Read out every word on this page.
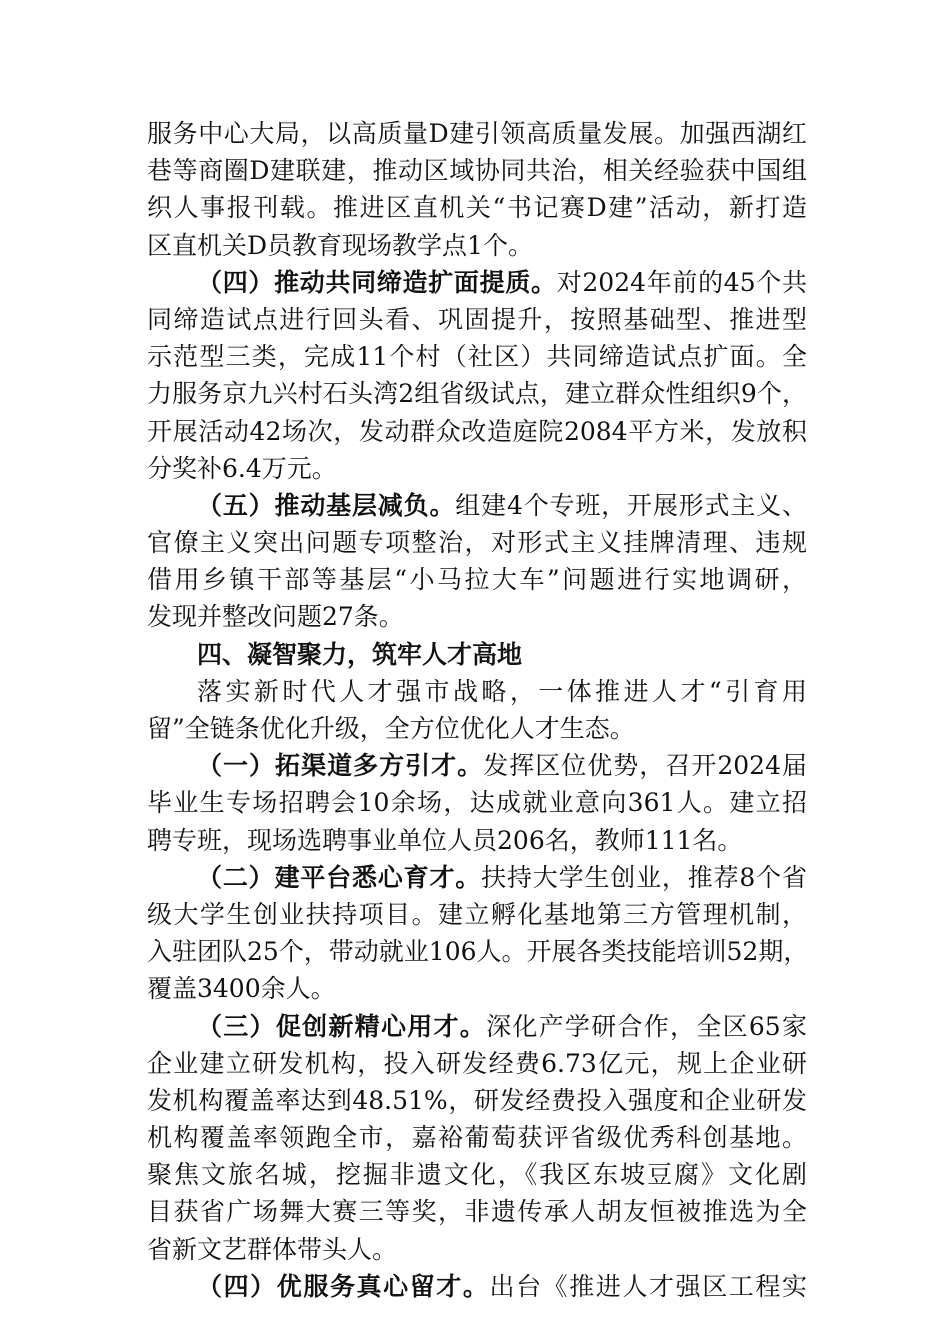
服务中心大局，以高质量D建引领高质量发展。加强西湖红
巷等商圈D建联建，推动区域协同共治，相关经验获中国组
织人事报刊载。推进区直机关“书记赛D建”活动，新打造
区直机关D员教育现场教学点1个。
（四）推动共同缔造扩面提质。对2024年前的45个共
同缔造试点进行回头看、巩固提升，按照基础型、推进型
示范型三类，完成11个村（社区）共同缔造试点扩面。全
力服务京九兴村石头湾2组省级试点，建立群众性组织9个，
开展活动42场次，发动群众改造庭院2084平方米，发放积
分奖补6.4万元。
（五）推动基层减负。组建4个专班，开展形式主义、
官僚主义突出问题专项整治，对形式主义挂牌清理、违规
借用乡镇干部等基层“小马拉大车”问题进行实地调研，
发现并整改问题27条。
四、凝智聚力，筑牢人才高地
落实新时代人才强市战略，一体推进人才“引育用
留”全链条优化升级，全方位优化人才生态。
（一）拓渠道多方引才。发挥区位优势，召开2024届
毕业生专场招聘会10余场，达成就业意向361人。建立招
聘专班，现场选聘事业单位人员206名，教师111名。
（二）建平台悉心育才。扶持大学生创业，推荐8个省
级大学生创业扶持项目。建立孵化基地第三方管理机制，
入驻团队25个，带动就业106人。开展各类技能培训52期，
覆盖3400余人。
（三）促创新精心用才。深化产学研合作，全区65家
企业建立研发机构，投入研发经费6.73亿元，规上企业研
发机构覆盖率达到48.51%，研发经费投入强度和企业研发
机构覆盖率领跑全市，嘉裕葡萄获评省级优秀科创基地。
聚焦文旅名城，挖掘非遗文化，《我区东坡豆腐》文化剧
目获省广场舞大赛三等奖，非遗传承人胡友恒被推选为全
省新文艺群体带头人。
（四）优服务真心留才。出台《推进人才强区工程实
